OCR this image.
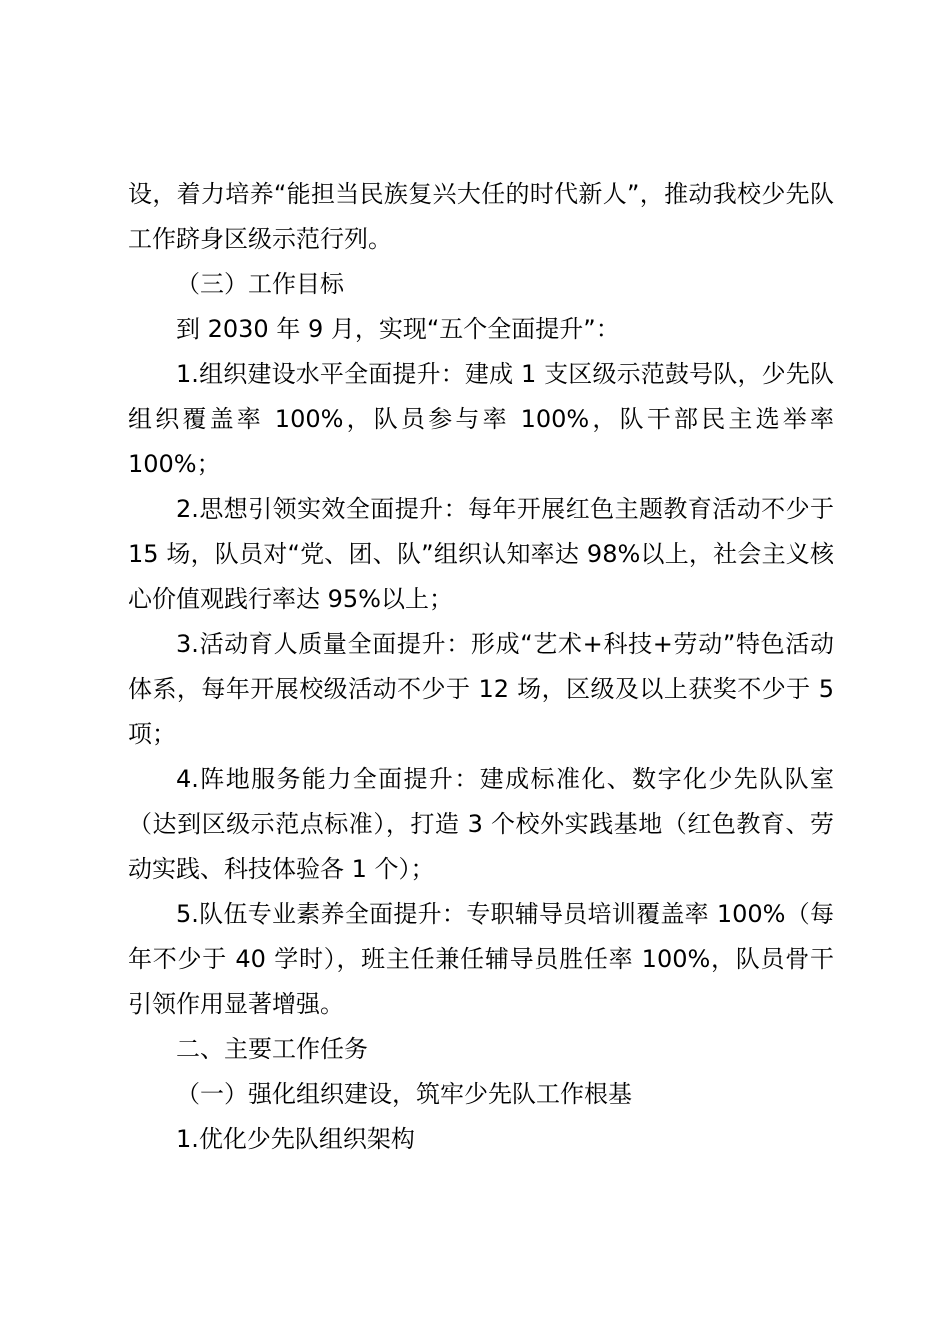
设，着力培养“能担当民族复兴大任的时代新人”，推动我校少先队工作跻身区级示范行列。

（三）工作目标

到 2030 年 9 月，实现“五个全面提升”：

1.组织建设水平全面提升：建成 1 支区级示范鼓号队，少先队组织覆盖率 100%，队员参与率 100%，队干部民主选举率 100%；

2.思想引领实效全面提升：每年开展红色主题教育活动不少于 15 场，队员对“党、团、队”组织认知率达 98%以上，社会主义核心价值观践行率达 95%以上；

3.活动育人质量全面提升：形成“艺术+科技+劳动”特色活动体系，每年开展校级活动不少于 12 场，区级及以上获奖不少于 5 项；

4.阵地服务能力全面提升：建成标准化、数字化少先队队室（达到区级示范点标准），打造 3 个校外实践基地（红色教育、劳动实践、科技体验各 1 个）；

5.队伍专业素养全面提升：专职辅导员培训覆盖率 100%（每年不少于 40 学时），班主任兼任辅导员胜任率 100%，队员骨干引领作用显著增强。

二、主要工作任务

（一）强化组织建设，筑牢少先队工作根基

1.优化少先队组织架构
